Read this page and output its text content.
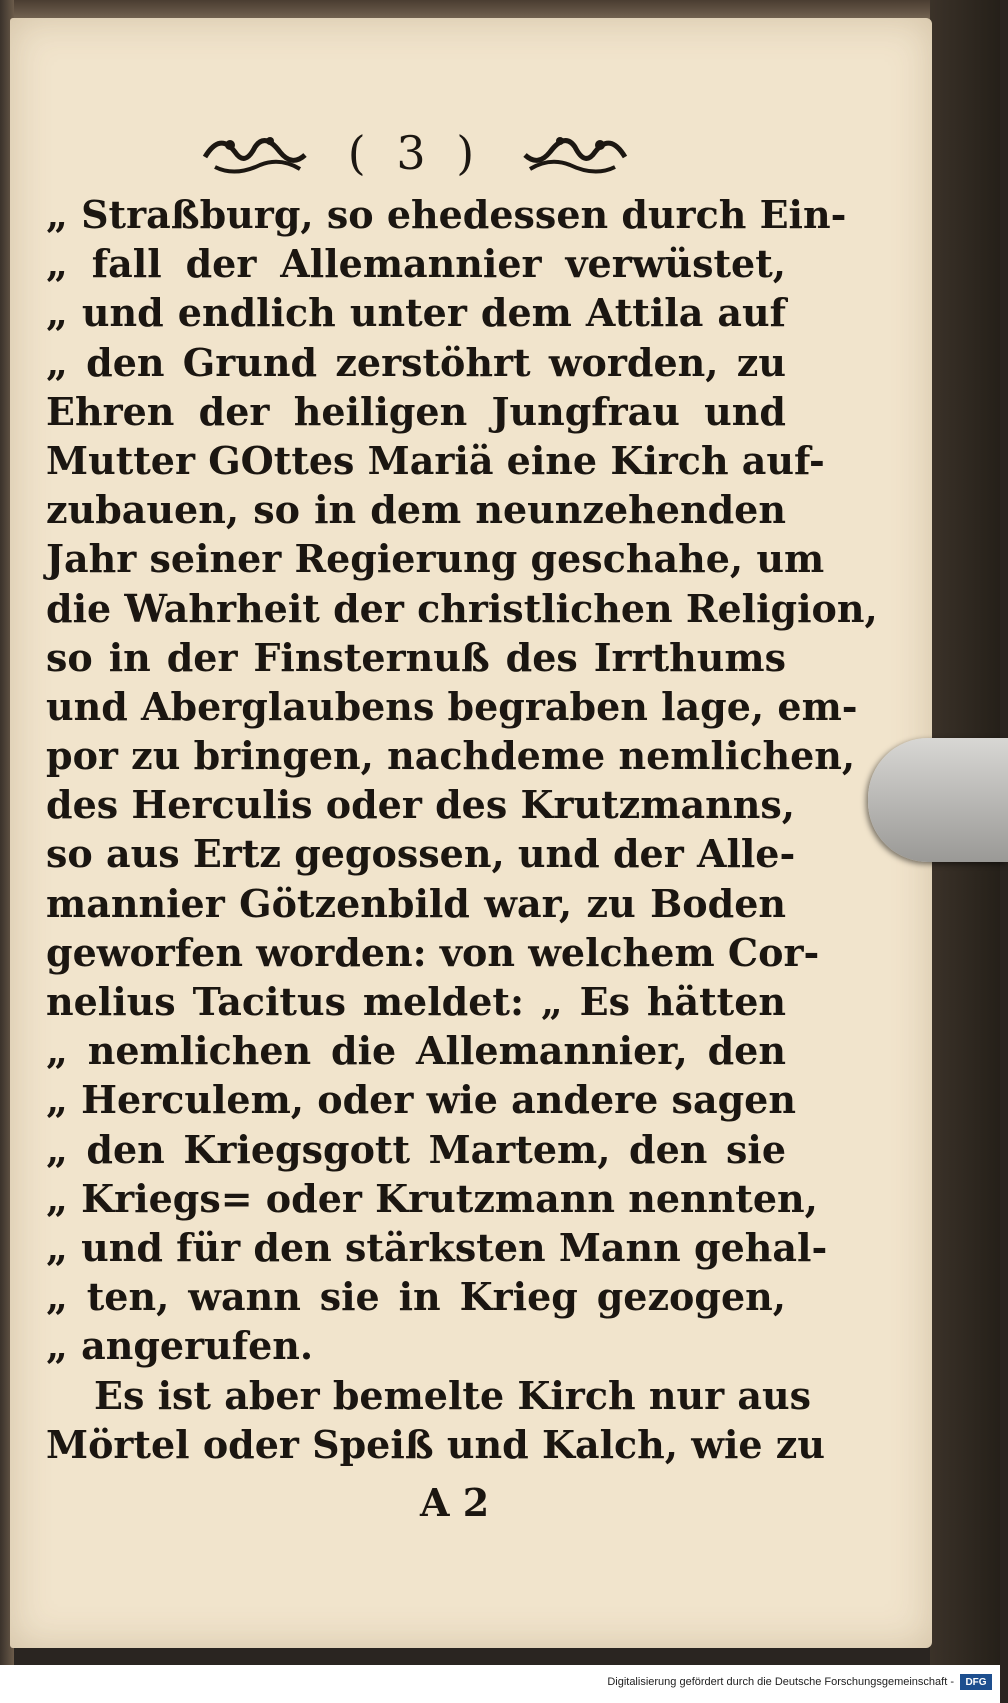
( 3 )
„ Straßburg, so ehedessen durch Ein-
„ fall der Allemannier verwüstet,
„ und endlich unter dem Attila auf
„ den Grund zerstöhrt worden, zu
Ehren der heiligen Jungfrau und
Mutter GOttes Mariä eine Kirch auf-
zubauen, so in dem neunzehenden
Jahr seiner Regierung geschahe, um
die Wahrheit der christlichen Religion,
so in der Finsternuß des Irrthums
und Aberglaubens begraben lage, em-
por zu bringen, nachdeme nemlichen,
des Herculis oder des Krutzmanns,
so aus Ertz gegossen, und der Alle-
mannier Götzenbild war, zu Boden
geworfen worden: von welchem Cor-
nelius Tacitus meldet: „ Es hätten
„ nemlichen die Allemannier, den
„ Herculem, oder wie andere sagen
„ den Kriegsgott Martem, den sie
„ Kriegs= oder Krutzmann nennten,
„ und für den stärksten Mann gehal-
„ ten, wann sie in Krieg gezogen,
„ angerufen.
Es ist aber bemelte Kirch nur aus
Mörtel oder Speiß und Kalch, wie zu
A 2
Digitalisierung gefördert durch die Deutsche Forschungsgemeinschaft -	DFG
